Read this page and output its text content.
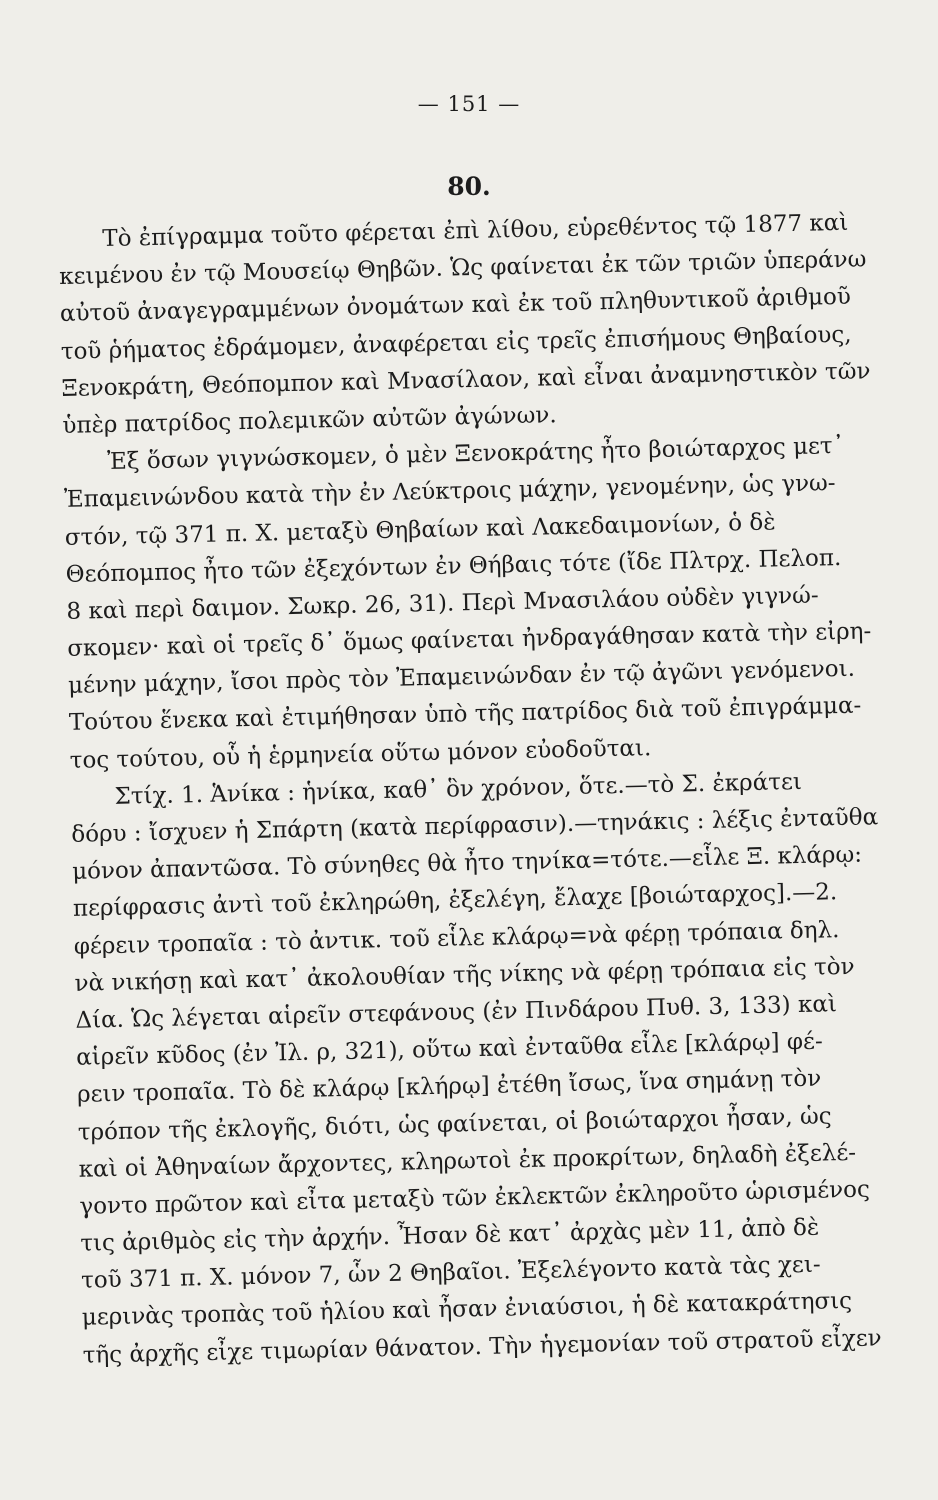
— 151 —
80.
Τὸ ἐπίγραμμα τοῦτο φέρεται ἐπὶ λίθου, εὑρεθέντος τῷ 1877 καὶ
κειμένου ἐν τῷ Μουσείῳ Θηβῶν. Ὡς φαίνεται ἐκ τῶν τριῶν ὑπεράνω
αὐτοῦ ἀναγεγραμμένων ὀνομάτων καὶ ἐκ τοῦ πληθυντικοῦ ἀριθμοῦ
τοῦ ῥήματος ἐδράμομεν, ἀναφέρεται εἰς τρεῖς ἐπισήμους Θηβαίους,
Ξενοκράτη, Θεόπομπον καὶ Μνασίλαον, καὶ εἶναι ἀναμνηστικὸν τῶν
ὑπὲρ πατρίδος πολεμικῶν αὐτῶν ἀγώνων.
Ἐξ ὅσων γιγνώσκομεν, ὁ μὲν Ξενοκράτης ἦτο βοιώταρχος μετ᾽
Ἐπαμεινώνδου κατὰ τὴν ἐν Λεύκτροις μάχην, γενομένην, ὡς γνω-
στόν, τῷ 371 π. Χ. μεταξὺ Θηβαίων καὶ Λακεδαιμονίων, ὁ δὲ
Θεόπομπος ἦτο τῶν ἐξεχόντων ἐν Θήβαις τότε (ἴδε Πλτρχ. Πελοπ.
8 καὶ περὶ δαιμον. Σωκρ. 26, 31). Περὶ Μνασιλάου οὐδὲν γιγνώ-
σκομεν· καὶ οἱ τρεῖς δ᾽ ὅμως φαίνεται ἠνδραγάθησαν κατὰ τὴν εἰρη-
μένην μάχην, ἴσοι πρὸς τὸν Ἐπαμεινώνδαν ἐν τῷ ἀγῶνι γενόμενοι.
Τούτου ἕνεκα καὶ ἐτιμήθησαν ὑπὸ τῆς πατρίδος διὰ τοῦ ἐπιγράμμα-
τος τούτου, οὗ ἡ ἑρμηνεία οὕτω μόνον εὐοδοῦται.
Στίχ. 1. Ἁνίκα : ἡνίκα, καθ᾽ ὃν χρόνον, ὅτε.—τὸ Σ. ἐκράτει
δόρυ : ἴσχυεν ἡ Σπάρτη (κατὰ περίφρασιν).—τηνάκις : λέξις ἐνταῦθα
μόνον ἀπαντῶσα. Τὸ σύνηθες θὰ ἦτο τηνίκα=τότε.—εἷλε Ξ. κλάρῳ:
περίφρασις ἀντὶ τοῦ ἐκληρώθη, ἐξελέγη, ἔλαχε [βοιώταρχος].—2.
φέρειν τροπαῖα : τὸ ἀντικ. τοῦ εἷλε κλάρῳ=νὰ φέρῃ τρόπαια δηλ.
νὰ νικήσῃ καὶ κατ᾽ ἀκολουθίαν τῆς νίκης νὰ φέρῃ τρόπαια εἰς τὸν
Δία. Ὡς λέγεται αἱρεῖν στεφάνους (ἐν Πινδάρου Πυθ. 3, 133) καὶ
αἱρεῖν κῦδος (ἐν Ἰλ. ρ, 321), οὕτω καὶ ἐνταῦθα εἷλε [κλάρῳ] φέ-
ρειν τροπαῖα. Τὸ δὲ κλάρῳ [κλήρῳ] ἐτέθη ἴσως, ἵνα σημάνῃ τὸν
τρόπον τῆς ἐκλογῆς, διότι, ὡς φαίνεται, οἱ βοιώταρχοι ἦσαν, ὡς
καὶ οἱ Ἀθηναίων ἄρχοντες, κληρωτοὶ ἐκ προκρίτων, δηλαδὴ ἐξελέ-
γοντο πρῶτον καὶ εἶτα μεταξὺ τῶν ἐκλεκτῶν ἐκληροῦτο ὡρισμένος
τις ἀριθμὸς εἰς τὴν ἀρχήν. Ἦσαν δὲ κατ᾽ ἀρχὰς μὲν 11, ἀπὸ δὲ
τοῦ 371 π. Χ. μόνον 7, ὧν 2 Θηβαῖοι. Ἐξελέγοντο κατὰ τὰς χει-
μερινὰς τροπὰς τοῦ ἡλίου καὶ ἦσαν ἐνιαύσιοι, ἡ δὲ κατακράτησις
τῆς ἀρχῆς εἶχε τιμωρίαν θάνατον. Τὴν ἡγεμονίαν τοῦ στρατοῦ εἶχεν
